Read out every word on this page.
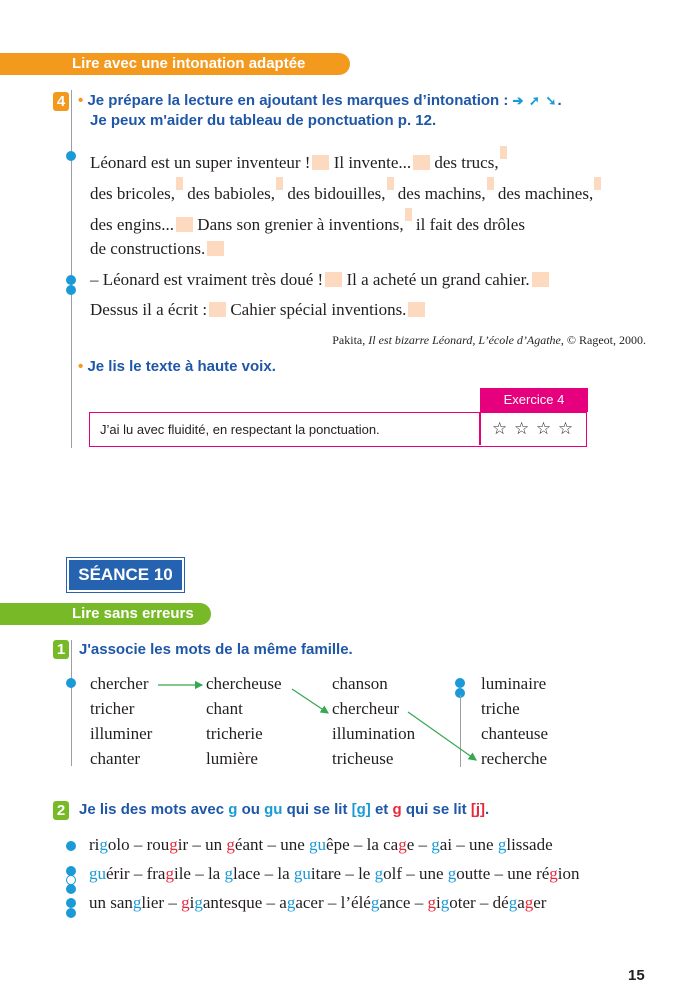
Lire avec une intonation adaptée
4 • Je prépare la lecture en ajoutant les marques d’intonation : ➔ ➚ ➘.
Je peux m'aider du tableau de ponctuation p. 12.
Léonard est un super inventeur ! Il invente... des trucs,
des bricoles, des babioles, des bidouilles, des machins, des machines,
des engins... Dans son grenier à inventions, il fait des drôles
de constructions.
– Léonard est vraiment très doué ! Il a acheté un grand cahier.
Dessus il a écrit : Cahier spécial inventions.
Pakita, Il est bizarre Léonard, L’école d’Agathe, © Rageot, 2000.
• Je lis le texte à haute voix.
Exercice 4
J’ai lu avec fluidité, en respectant la ponctuation.	☆ ☆ ☆ ☆
SÉANCE 10
Lire sans erreurs
1 J'associe les mots de la même famille.
chercher
tricher
illuminer
chanter
chercheuse
chant
tricherie
lumière
chanson
chercheur
illumination
tricheuse
luminaire
triche
chanteuse
recherche
2 Je lis des mots avec g ou gu qui se lit [g] et g qui se lit [j].
rigolo – rougir – un géant – une guêpe – la cage – gai – une glissade
guérir – fragile – la glace – la guitare – le golf – une goutte – une région
un sanglier – gigantesque – agacer – l’élégance – gigoter – dégager
15
